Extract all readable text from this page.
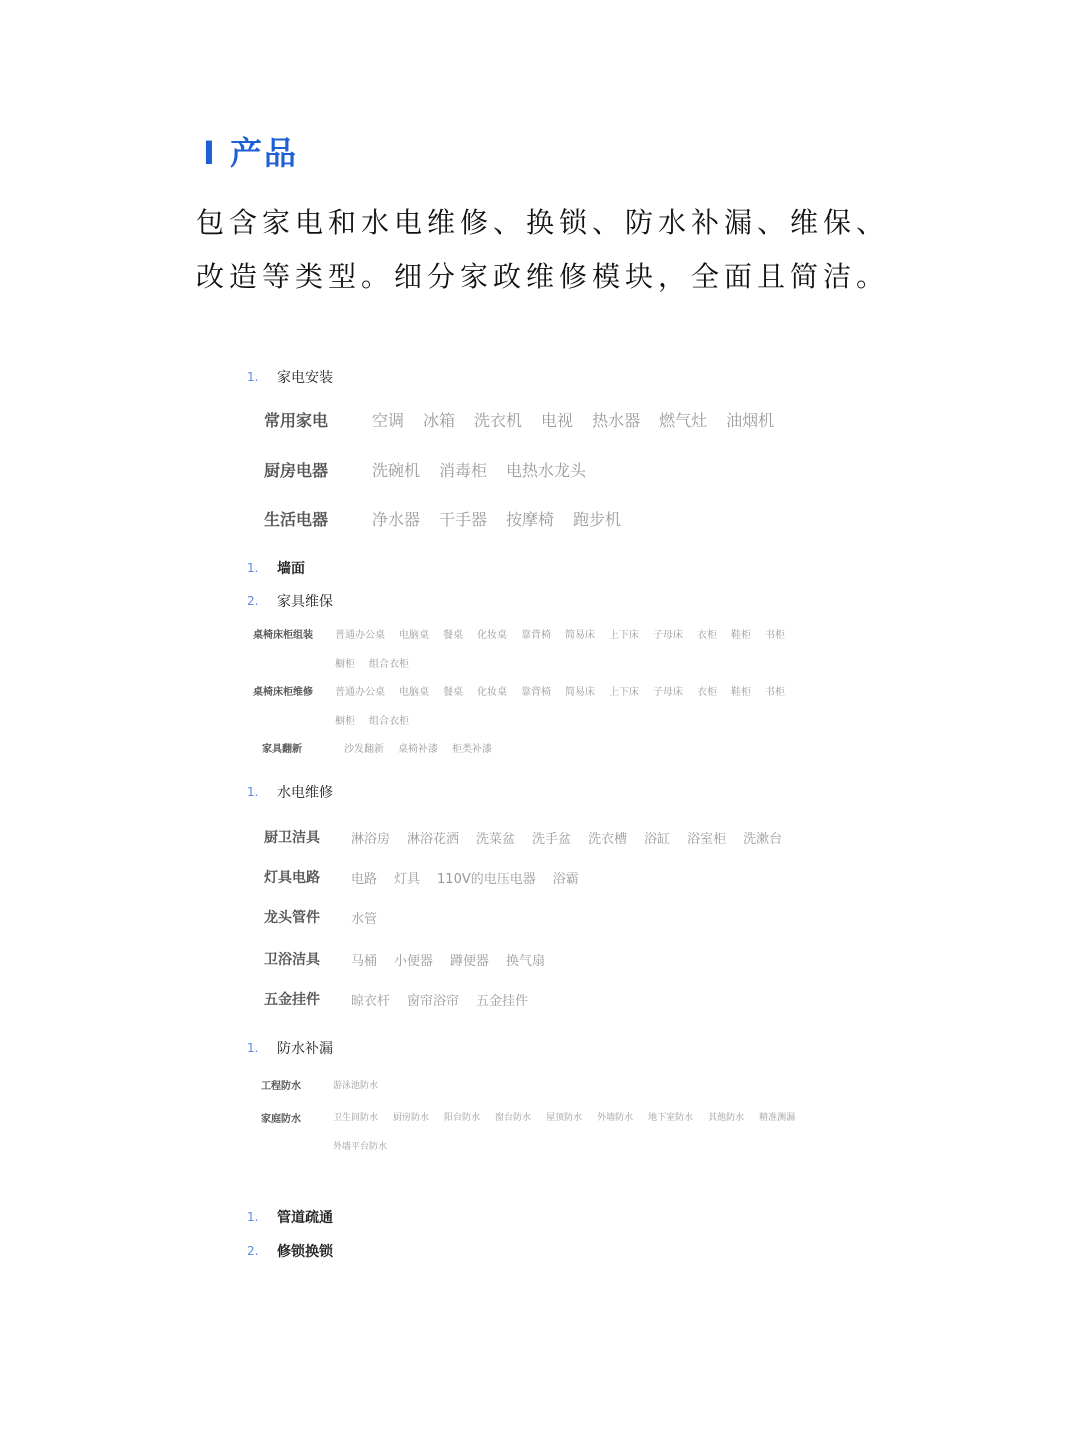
I 产品
包含家电和水电维修、换锁、防水补漏、维保、改造等类型。细分家政维修模块，全面且简洁。
1.	家电安装
常用家电	空调 冰箱 洗衣机 电视 热水器 燃气灶 油烟机
厨房电器	洗碗机 消毒柜 电热水龙头
生活电器	净水器 干手器 按摩椅 跑步机
1.	墙面
2.	家具维保
桌椅床柜组装	普通办公桌 电脑桌 餐桌 化妆桌 靠背椅 简易床 上下床 子母床 衣柜 鞋柜 书柜
橱柜 组合衣柜
桌椅床柜维修	普通办公桌 电脑桌 餐桌 化妆桌 靠背椅 简易床 上下床 子母床 衣柜 鞋柜 书柜
橱柜 组合衣柜
家具翻新	沙发翻新 桌椅补漆 柜类补漆
1.	水电维修
厨卫洁具	淋浴房 淋浴花洒 洗菜盆 洗手盆 洗衣槽 浴缸 浴室柜 洗漱台
灯具电路	电路 灯具 110V的电压电器 浴霸
龙头管件	水管
卫浴洁具	马桶 小便器 蹲便器 换气扇
五金挂件	晾衣杆 窗帘浴帘 五金挂件
1.	防水补漏
工程防水	游泳池防水
家庭防水	卫生间防水 厨房防水 阳台防水 窗台防水 屋顶防水 外墙防水 地下室防水 其他防水 精准测漏
外墙平台防水
1.	管道疏通
2.	修锁换锁
